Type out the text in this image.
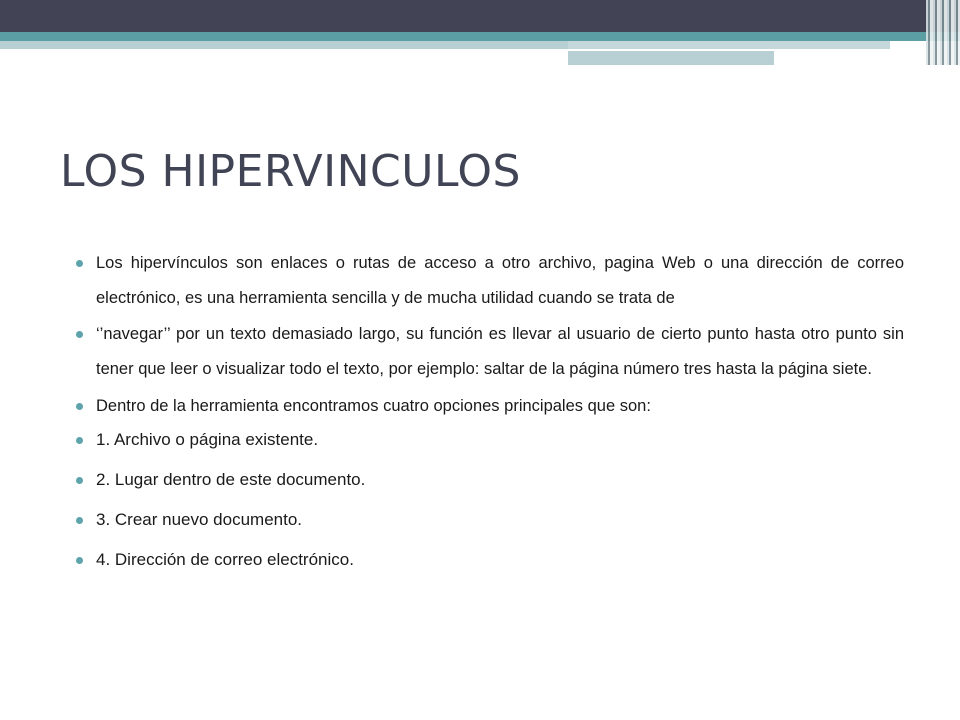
LOS HIPERVINCULOS
Los hipervínculos son enlaces o rutas de acceso a otro archivo, pagina Web o una dirección de correo electrónico, es una herramienta sencilla y de mucha utilidad cuando se trata de
‘’navegar’’ por un texto demasiado largo, su función es llevar al usuario de cierto punto hasta otro punto sin tener que leer o visualizar todo el texto, por ejemplo: saltar de la página número tres hasta la página siete.
Dentro de la herramienta encontramos cuatro opciones principales que son:
1. Archivo o página existente.
2. Lugar dentro de este documento.
3. Crear nuevo documento.
4. Dirección de correo electrónico.
